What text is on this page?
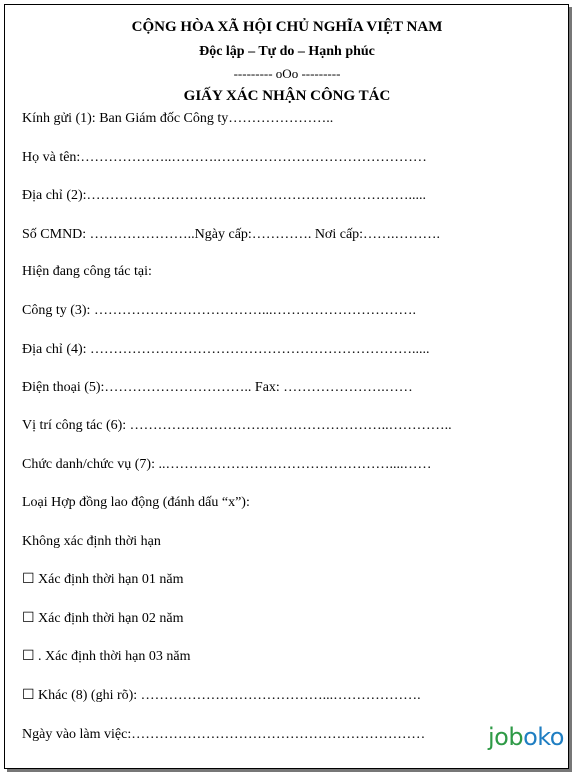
CỘNG HÒA XÃ HỘI CHỦ NGHĨA VIỆT NAM
Độc lập – Tự do – Hạnh phúc
--------- oOo ---------
GIẤY XÁC NHẬN CÔNG TÁC
Kính gửi (1): Ban Giám đốc Công ty…………………..
Họ và tên:………………..……….………………………………………
Địa chỉ (2):…………………………………………………………….....
Số CMND: …………………..Ngày cấp:…………. Nơi cấp:…….……….
Hiện đang công tác tại:
Công ty (3): ………………………………...………………………….
Địa chỉ (4): …………………………………………………………….....
Điện thoại (5):………………………….. Fax: ………………….……
Vị trí công tác (6): ………………………………………………..…………..
Chức danh/chức vụ (7): ..…………………………………………....……
Loại Hợp đồng lao động (đánh dấu “x”):
Không xác định thời hạn
☐ Xác định thời hạn 01 năm
☐ Xác định thời hạn 02 năm
☐ . Xác định thời hạn 03 năm
☐ Khác (8) (ghi rõ): …………………………………...……………….
Ngày vào làm việc:………………………………………………………	joboko
